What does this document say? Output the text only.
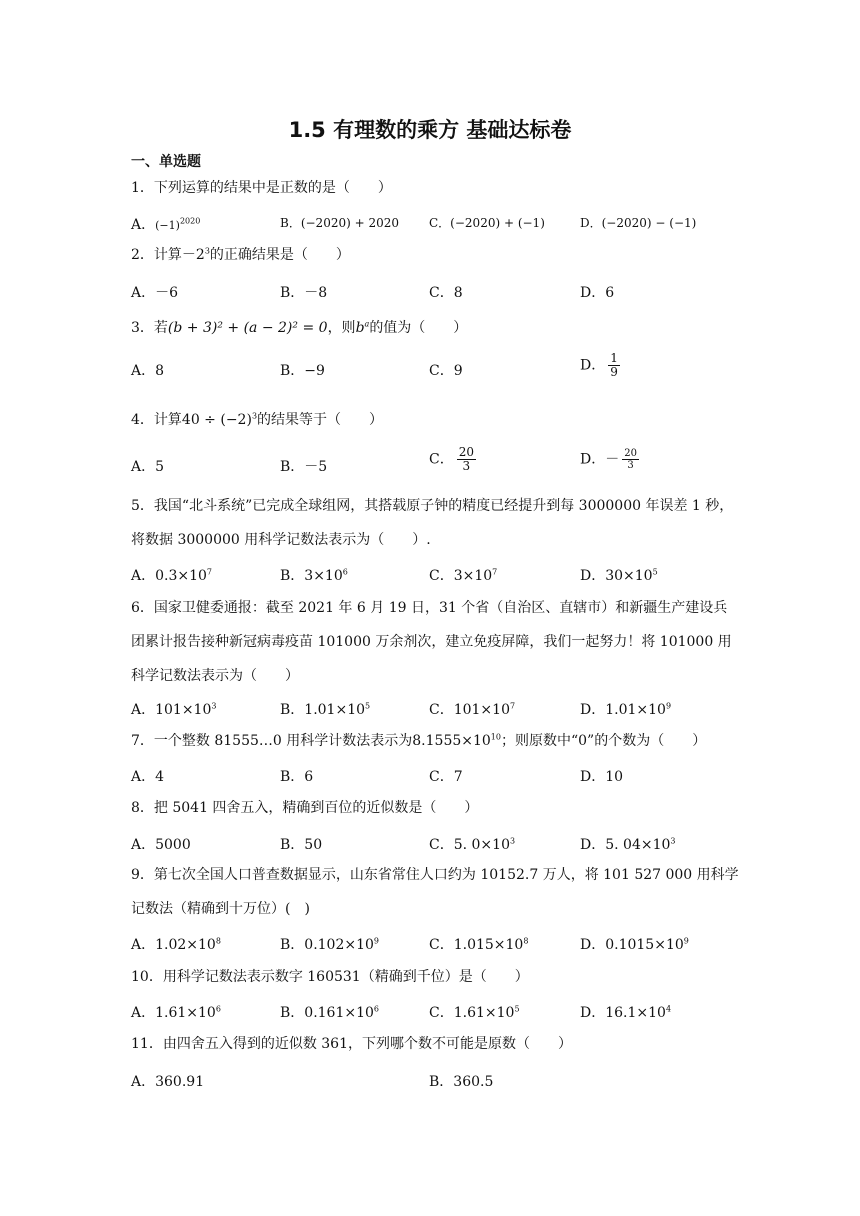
1.5 有理数的乘方 基础达标卷
一、单选题
1．下列运算的结果中是正数的是（　　）
A．$(-1)^{2020}$	B．(−2020) + 2020	C．(−2020) + (−1)	D．(−2020) − (−1)
2．计算$-2^3$的正确结果是（　　）
A．－6	B．－8	C．8	D．6
3．若(b + 3)² + (a − 2)² = 0，则$b^a$的值为（　　）
A．8	B．−9	C．9	D． $\frac{1}{9}$
4．计算$40 \div (-2)^3$的结果等于（　　）
A．5	B．－5	C． $\frac{20}{3}$	D．－ $\frac{20}{3}$
5．我国“北斗系统”已完成全球组网，其搭载原子钟的精度已经提升到每 3000000 年误差 1 秒，将数据 3000000 用科学记数法表示为（　　）.
A．$0.3\times 10^7$	B．$3\times 10^6$	C．$3\times 10^7$	D．$30\times 10^5$
6．国家卫健委通报：截至 2021 年 6 月 19 日，31 个省（自治区、直辖市）和新疆生产建设兵团累计报告接种新冠病毒疫苗 101000 万余剂次，建立免疫屏障，我们一起努力！将 101000 用科学记数法表示为（　　）
A．$101\times 10^3$	B．$1.01\times 10^5$	C．$101\times 10^7$	D．$1.01\times 10^9$
7．一个整数 81555…0 用科学计数法表示为$8.1555\times 10^{10}$；则原数中“0”的个数为（　　）
A．4	B．6	C．7	D．10
8．把 5041 四舍五入，精确到百位的近似数是（　　）
A．5000	B．50	C．5. $0\times 10^3$	D．5. $04\times 10^3$
9．第七次全国人口普查数据显示，山东省常住人口约为 10152.7 万人，将 101 527 000 用科学记数法（精确到十万位）(　)
A．$1.02\times 10^8$	B．$0.102\times 10^9$	C．$1.015\times 10^8$	D．$0.1015\times 10^9$
10．用科学记数法表示数字 160531（精确到千位）是（　　）
A．$1.61\times 10^6$	B．$0.161\times 10^6$	C．$1.61\times 10^5$	D．$16.1\times 10^4$
11．由四舍五入得到的近似数 361，下列哪个数不可能是原数（　　）
A．360.91	B．360.5
